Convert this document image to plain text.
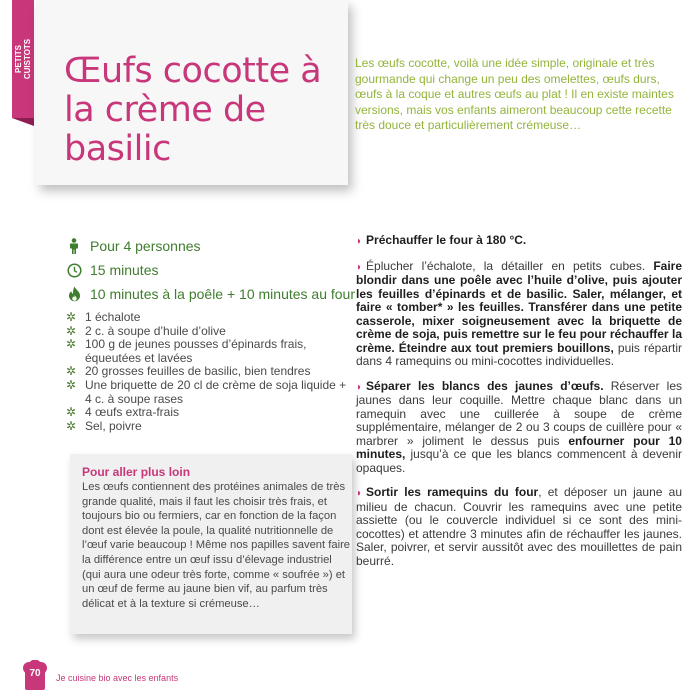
PETITS CUISTOTS Œufs cocotte à la crème de basilic
Les œufs cocotte, voilà une idée simple, originale et très gourmande qui change un peu des omelettes, œufs durs, œufs à la coque et autres œufs au plat ! Il en existe maintes versions, mais vos enfants aimeront beaucoup cette recette très douce et particulièrement crémeuse…
Pour 4 personnes
15 minutes
10 minutes à la poêle + 10 minutes au four
✲ 1 échalote
✲ 2 c. à soupe d’huile d’olive
✲ 100 g de jeunes pousses d’épinards frais, équeutées et lavées
✲ 20 grosses feuilles de basilic, bien tendres
✲ Une briquette de 20 cl de crème de soja liquide + 4 c. à soupe rases
✲ 4 œufs extra-frais
✲ Sel, poivre
Pour aller plus loin

Les œufs contiennent des protéines animales de très grande qualité, mais il faut les choisir très frais, et toujours bio ou fermiers, car en fonction de la façon dont est élevée la poule, la qualité nutritionnelle de l’œuf varie beaucoup ! Même nos papilles savent faire la différence entre un œuf issu d’élevage industriel (qui aura une odeur très forte, comme « soufrée ») et un œuf de ferme au jaune bien vif, au parfum très délicat et à la texture si crémeuse…

◗ Préchauffer le four à 180 °C.

◗ Éplucher l’échalote, la détailler en petits cubes. Faire blondir dans une poêle avec l’huile d’olive, puis ajouter les feuilles d’épinards et de basilic. Saler, mélanger, et faire « tomber* » les feuilles. Transférer dans une petite casserole, mixer soigneusement avec la briquette de crème de soja, puis remettre sur le feu pour réchauffer la crème. Éteindre aux tout premiers bouillons, puis répartir dans 4 ramequins ou mini-cocottes individuelles.

◗ Séparer les blancs des jaunes d’œufs. Réserver les jaunes dans leur coquille. Mettre chaque blanc dans un ramequin avec une cuillerée à soupe de crème supplémentaire, mélanger de 2 ou 3 coups de cuillère pour « marbrer » joliment le dessus puis enfourner pour 10 minutes, jusqu’à ce que les blancs commencent à devenir opaques.

◗ Sortir les ramequins du four, et déposer un jaune au milieu de chacun. Couvrir les ramequins avec une petite assiette (ou le couvercle individuel si ce sont des mini-cocottes) et attendre 3 minutes afin de réchauffer les jaunes. Saler, poivrer, et servir aussitôt avec des mouillettes de pain beurré.

70	Je cuisine bio avec les enfants
